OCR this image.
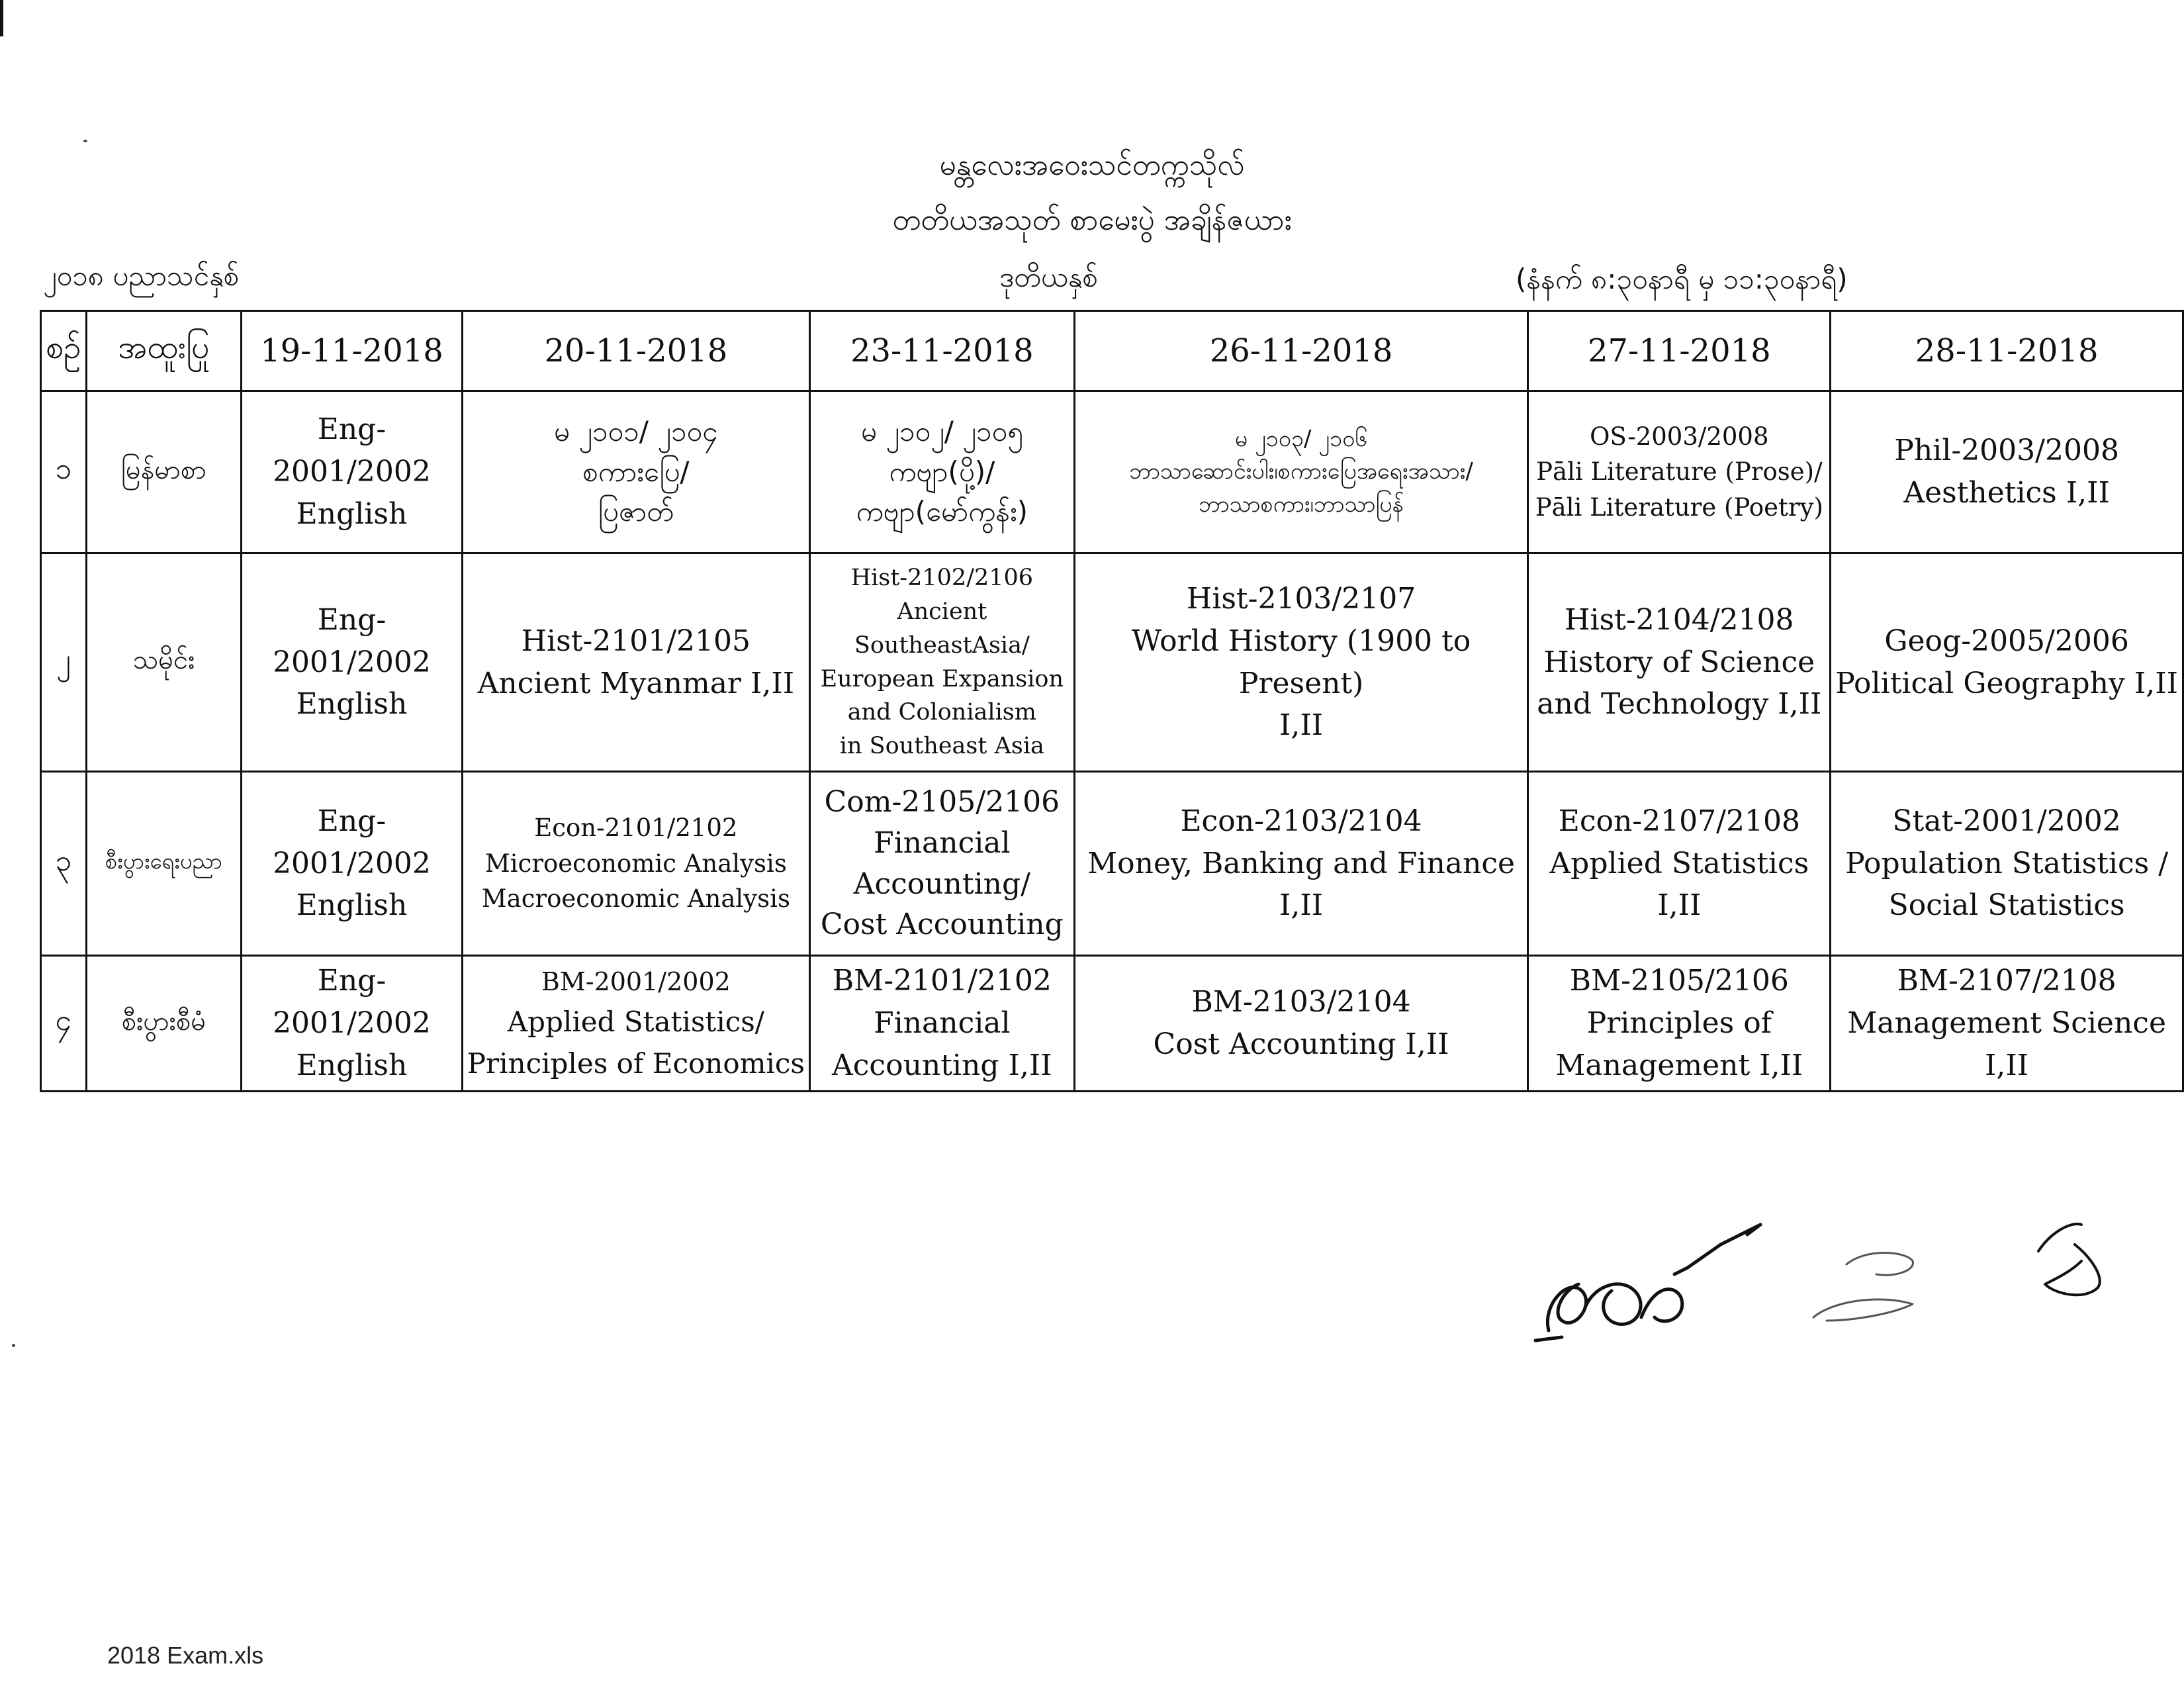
မန္တလေးအဝေးသင်တက္ကသိုလ်
တတိယအသုတ် စာမေးပွဲ အချိန်ဇယား
၂၀၁၈ ပညာသင်နှစ်	ဒုတိယနှစ်	(နံနက် ၈:၃၀နာရီ မှ ၁၁:၃၀နာရီ)
စဉ်	အထူးပြု	19-11-2018	20-11-2018	23-11-2018	26-11-2018	27-11-2018	28-11-2018
၁	မြန်မာစာ	Eng-2001/2002
English	မ ၂၁၀၁/ ၂၁၀၄
စကားပြေ/
ပြဇာတ်	မ ၂၁၀၂/ ၂၁၀၅
ကဗျာ(ပို့)/
ကဗျာ(မော်ကွန်း)	မ ၂၁၀၃/ ၂၁၀၆
ဘာသာဆောင်းပါး၊စကားပြေအရေးအသား/
ဘာသာစကား၊ဘာသာပြန်	OS-2003/2008
Pāli Literature (Prose)/
Pāli Literature (Poetry)	Phil-2003/2008
Aesthetics I,II

၂	သမိုင်း	Eng-2001/2002
English	Hist-2101/2105
Ancient Myanmar I,II	Hist-2102/2106
Ancient SoutheastAsia/
European Expansion
and Colonialism
in Southeast Asia	Hist-2103/2107
World History (1900 to Present)
I,II	Hist-2104/2108
History of Science
and Technology I,II	Geog-2005/2006
Political Geography I,II

၃	စီးပွားရေးပညာ	Eng-2001/2002
English	Econ-2101/2102
Microeconomic Analysis
Macroeconomic Analysis	Com-2105/2106
Financial
Accounting/
Cost Accounting	Econ-2103/2104
Money, Banking and Finance I,II	Econ-2107/2108
Applied Statistics I,II	Stat-2001/2002
Population Statistics /
Social Statistics

၄	စီးပွားစီမံ	Eng-2001/2002
English	BM-2001/2002
Applied Statistics/
Principles of Economics	BM-2101/2102
Financial
Accounting I,II	BM-2103/2104
Cost Accounting I,II	BM-2105/2106
Principles of
Management I,II	BM-2107/2108
Management Science
I,II
2018 Exam.xls
